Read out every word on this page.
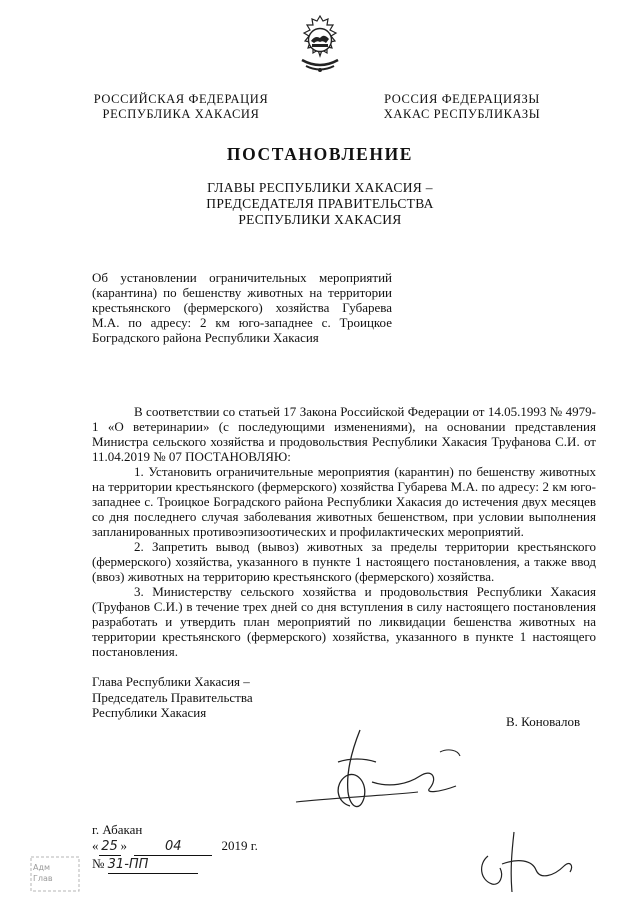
РОССИЙСКАЯ ФЕДЕРАЦИЯ
РЕСПУБЛИКА ХАКАСИЯ
РОССИЯ ФЕДЕРАЦИЯЗЫ
ХАКАС РЕСПУБЛИКАЗЫ
ПОСТАНОВЛЕНИЕ
ГЛАВЫ РЕСПУБЛИКИ ХАКАСИЯ –
ПРЕДСЕДАТЕЛЯ ПРАВИТЕЛЬСТВА
РЕСПУБЛИКИ ХАКАСИЯ
Об установлении ограничительных мероприятий (карантина) по бешенству животных на территории крестьянского (фермерского) хозяйства Губарева М.А. по адресу: 2 км юго-западнее с. Троицкое Боградского района Республики Хакасия

В соответствии со статьей 17 Закона Российской Федерации от 14.05.1993 № 4979-1 «О ветеринарии» (с последующими изменениями), на основании представления Министра сельского хозяйства и продовольствия Республики Хакасия Труфанова С.И. от 11.04.2019 № 07 ПОСТАНОВЛЯЮ:

1. Установить ограничительные мероприятия (карантин) по бешенству животных на территории крестьянского (фермерского) хозяйства Губарева М.А. по адресу: 2 км юго-западнее с. Троицкое Боградского района Республики Хакасия до истечения двух месяцев со дня последнего случая заболевания животных бешенством, при условии выполнения запланированных противоэпизоотических и профилактических мероприятий.

2. Запретить вывод (вывоз) животных за пределы территории крестьянского (фермерского) хозяйства, указанного в пункте 1 настоящего постановления, а также ввод (ввоз) животных на территорию крестьянского (фермерского) хозяйства.

3. Министерству сельского хозяйства и продовольствия Республики Хакасия (Труфанов С.И.) в течение трех дней со дня вступления в силу настоящего постановления разработать и утвердить план мероприятий по ликвидации бешенства животных на территории крестьянского (фермерского) хозяйства, указанного в пункте 1 настоящего постановления.

Глава Республики Хакасия –
Председатель Правительства
Республики Хакасия
В. Коновалов
г. Абакан
« 25 »	04	2019 г.
№ 31-ПП
Адм
Глав
